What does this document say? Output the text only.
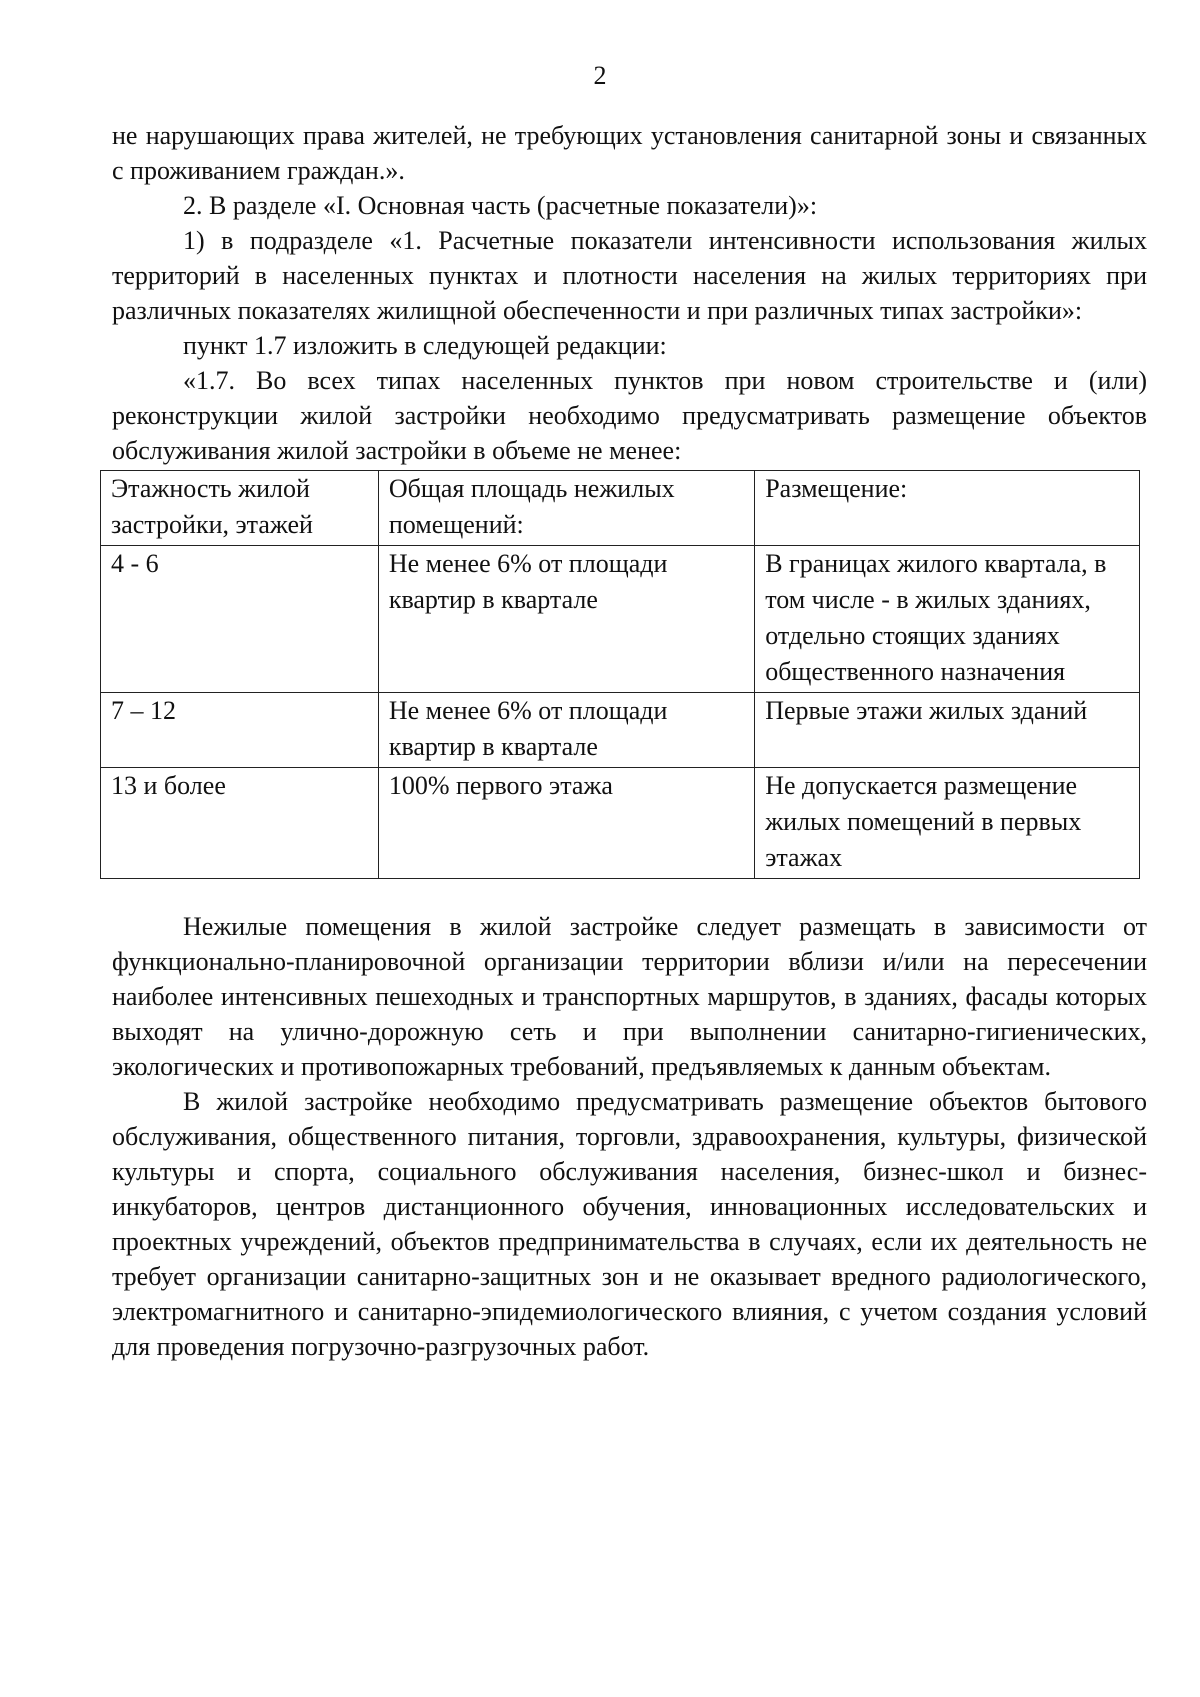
2

не нарушающих права жителей, не требующих установления санитарной зоны и связанных с проживанием граждан.».

2. В разделе «I. Основная часть (расчетные показатели)»:

1) в подразделе «1. Расчетные показатели интенсивности использования жилых территорий в населенных пунктах и плотности населения на жилых территориях при различных показателях жилищной обеспеченности и при различных типах застройки»:

пункт 1.7 изложить в следующей редакции:

«1.7. Во всех типах населенных пунктов при новом строительстве и (или) реконструкции жилой застройки необходимо предусматривать размещение объектов обслуживания жилой застройки в объеме не менее:

Этажность жилой застройки, этажей	Общая площадь нежилых помещений:	Размещение:
4 - 6	Не менее 6% от площади квартир в квартале	В границах жилого квартала, в том числе - в жилых зданиях, отдельно стоящих зданиях общественного назначения
7 – 12	Не менее 6% от площади квартир в квартале	Первые этажи жилых зданий
13 и более	100% первого этажа	Не допускается размещение жилых помещений в первых этажах

Нежилые помещения в жилой застройке следует размещать в зависимости от функционально-планировочной организации территории вблизи и/или на пересечении наиболее интенсивных пешеходных и транспортных маршрутов, в зданиях, фасады которых выходят на улично-дорожную сеть и при выполнении санитарно-гигиенических, экологических и противопожарных требований, предъявляемых к данным объектам.

В жилой застройке необходимо предусматривать размещение объектов бытового обслуживания, общественного питания, торговли, здравоохранения, культуры, физической культуры и спорта, социального обслуживания населения, бизнес-школ и бизнес-инкубаторов, центров дистанционного обучения, инновационных исследовательских и проектных учреждений, объектов предпринимательства в случаях, если их деятельность не требует организации санитарно-защитных зон и не оказывает вредного радиологического, электромагнитного и санитарно-эпидемиологического влияния, с учетом создания условий для проведения погрузочно-разгрузочных работ.
